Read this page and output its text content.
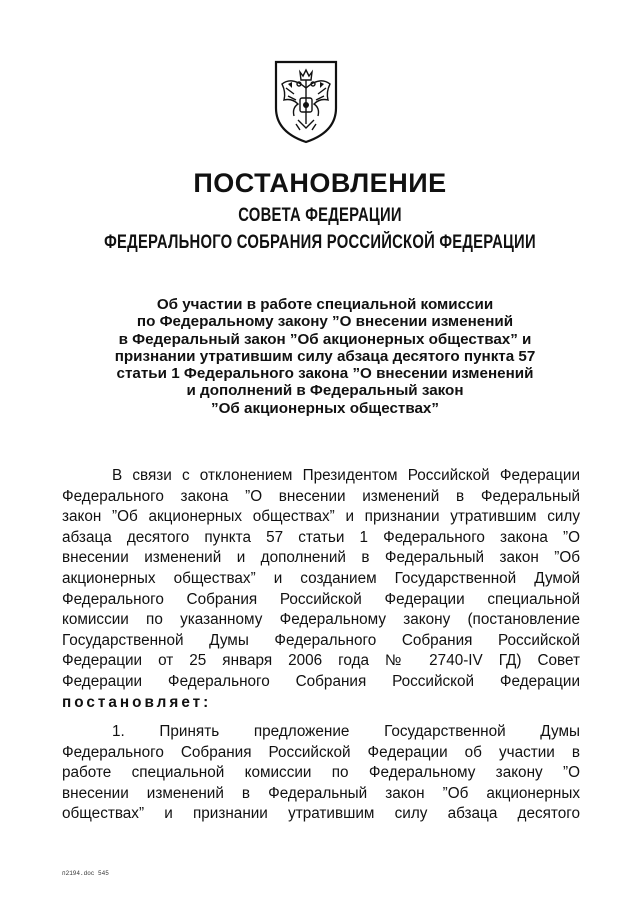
ПОСТАНОВЛЕНИЕ
СОВЕТА ФЕДЕРАЦИИ
ФЕДЕРАЛЬНОГО СОБРАНИЯ РОССИЙСКОЙ ФЕДЕРАЦИИ
Об участии в работе специальной комиссии
по Федеральному закону ”О внесении изменений
в Федеральный закон ”Об акционерных обществах” и
признании утратившим силу абзаца десятого пункта 57
статьи 1 Федерального закона ”О внесении изменений
и дополнений в Федеральный закон
”Об акционерных обществах”
В связи с отклонением Президентом Российской Федерации
Федерального закона ”О внесении изменений в Федеральный
закон ”Об акционерных обществах” и признании утратившим силу
абзаца десятого пункта 57 статьи 1 Федерального закона ”О
внесении изменений и дополнений в Федеральный закон ”Об
акционерных обществах” и созданием Государственной Думой
Федерального Собрания Российской Федерации специальной
комиссии по указанному Федеральному закону (постановление
Государственной Думы Федерального Собрания Российской
Федерации от 25 января 2006 года № 2740-IV ГД) Совет
Федерации Федерального Собрания Российской Федерации
постановляет:
1. Принять предложение Государственной Думы
Федерального Собрания Российской Федерации об участии в
работе специальной комиссии по Федеральному закону ”О
внесении изменений в Федеральный закон ”Об акционерных
обществах” и признании утратившим силу абзаца десятого
п2194.doc 545
